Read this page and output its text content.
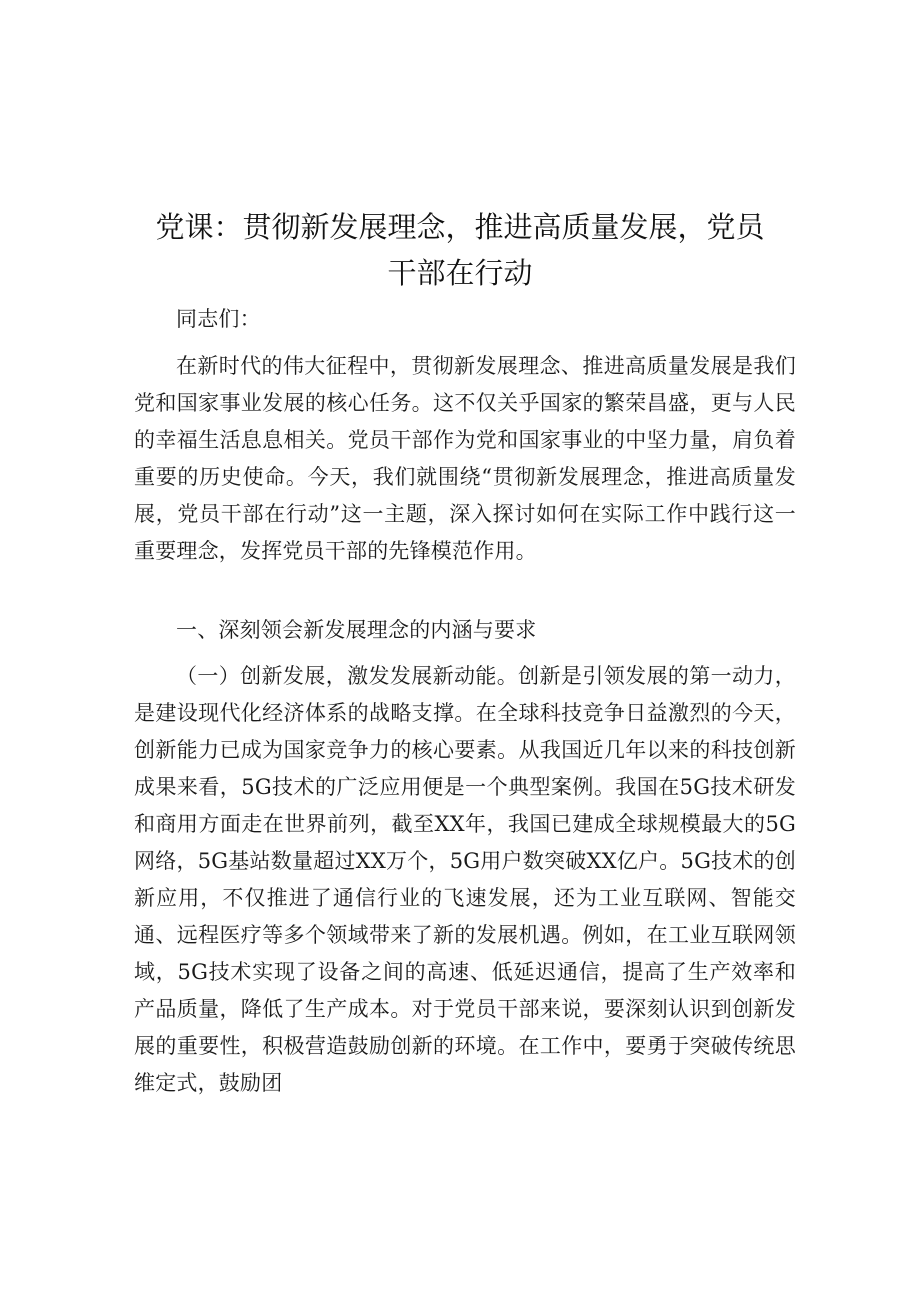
党课：贯彻新发展理念，推进高质量发展，党员干部在行动

同志们：

在新时代的伟大征程中，贯彻新发展理念、推进高质量发展是我们党和国家事业发展的核心任务。这不仅关乎国家的繁荣昌盛，更与人民的幸福生活息息相关。党员干部作为党和国家事业的中坚力量，肩负着重要的历史使命。今天，我们就围绕“贯彻新发展理念，推进高质量发展，党员干部在行动”这一主题，深入探讨如何在实际工作中践行这一重要理念，发挥党员干部的先锋模范作用。

一、深刻领会新发展理念的内涵与要求

（一）创新发展，激发发展新动能。创新是引领发展的第一动力，是建设现代化经济体系的战略支撑。在全球科技竞争日益激烈的今天，创新能力已成为国家竞争力的核心要素。从我国近几年以来的科技创新成果来看，5G技术的广泛应用便是一个典型案例。我国在5G技术研发和商用方面走在世界前列，截至XX年，我国已建成全球规模最大的5G网络，5G基站数量超过XX万个，5G用户数突破XX亿户。5G技术的创新应用，不仅推进了通信行业的飞速发展，还为工业互联网、智能交通、远程医疗等多个领域带来了新的发展机遇。例如，在工业互联网领域，5G技术实现了设备之间的高速、低延迟通信，提高了生产效率和产品质量，降低了生产成本。对于党员干部来说，要深刻认识到创新发展的重要性，积极营造鼓励创新的环境。在工作中，要勇于突破传统思维定式，鼓励团
